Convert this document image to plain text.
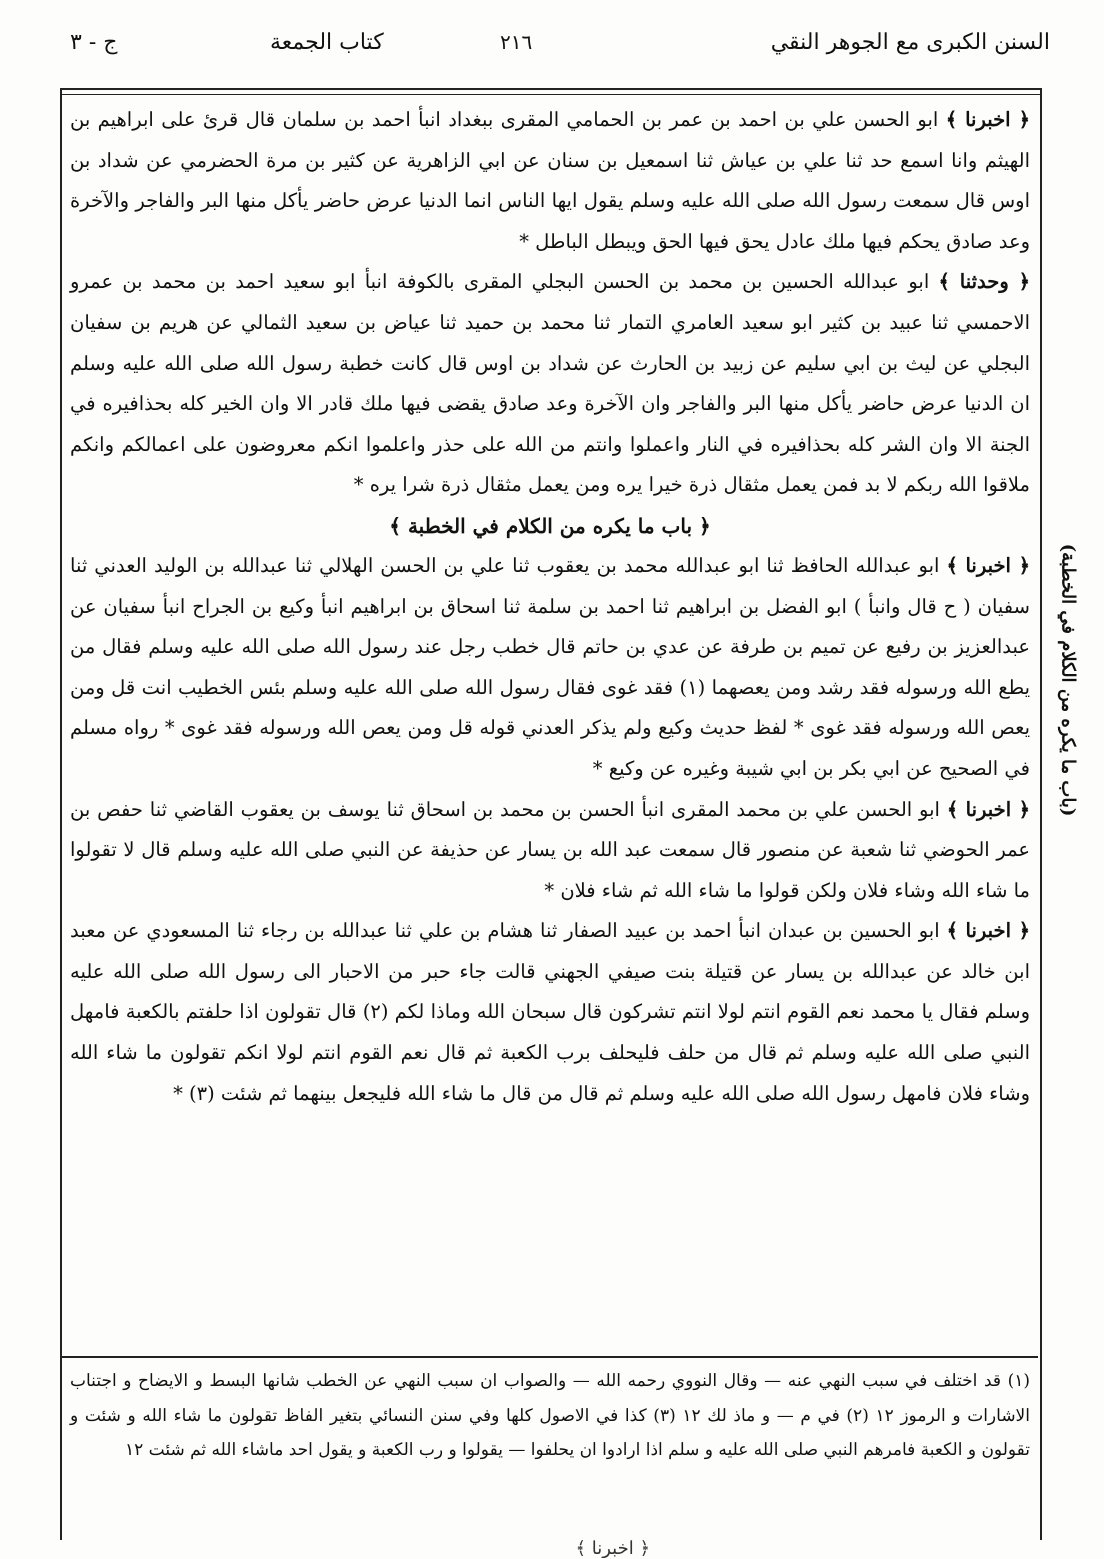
السنن الكبرى مع الجوهر النقي
٢١٦
كتاب الجمعة
ج - ٣

﴿ اخبرنا ﴾ ابو الحسن علي بن احمد بن عمر بن الحمامي المقرى ببغداد انبأ احمد بن سلمان قال قرئ على ابراهيم بن الهيثم وانا اسمع حد ثنا علي بن عياش ثنا اسمعيل بن سنان عن ابي الزاهرية عن كثير بن مرة الحضرمي عن شداد بن اوس قال سمعت رسول الله صلى الله عليه وسلم يقول ايها الناس انما الدنيا عرض حاضر يأكل منها البر والفاجر والآخرة وعد صادق يحكم فيها ملك عادل يحق فيها الحق ويبطل الباطل *

﴿ وحدثنا ﴾ ابو عبدالله الحسين بن محمد بن الحسن البجلي المقرى بالكوفة انبأ ابو سعيد احمد بن محمد بن عمرو الاحمسي ثنا عبيد بن كثير ابو سعيد العامري التمار ثنا محمد بن حميد ثنا عياض بن سعيد الثمالي عن هريم بن سفيان البجلي عن ليث بن ابي سليم عن زبيد بن الحارث عن شداد بن اوس قال كانت خطبة رسول الله صلى الله عليه وسلم ان الدنيا عرض حاضر يأكل منها البر والفاجر وان الآخرة وعد صادق يقضى فيها ملك قادر الا وان الخير كله بحذافيره في الجنة الا وان الشر كله بحذافيره في النار واعملوا وانتم من الله على حذر واعلموا انكم معروضون على اعمالكم وانكم ملاقوا الله ربكم لا بد فمن يعمل مثقال ذرة خيرا يره ومن يعمل مثقال ذرة شرا يره *

﴿ باب ما يكره من الكلام في الخطبة ﴾

﴿ اخبرنا ﴾ ابو عبدالله الحافظ ثنا ابو عبدالله محمد بن يعقوب ثنا علي بن الحسن الهلالي ثنا عبدالله بن الوليد العدني ثنا سفيان ( ح قال وانبأ ) ابو الفضل بن ابراهيم ثنا احمد بن سلمة ثنا اسحاق بن ابراهيم انبأ وكيع بن الجراح انبأ سفيان عن عبدالعزيز بن رفيع عن تميم بن طرفة عن عدي بن حاتم قال خطب رجل عند رسول الله صلى الله عليه وسلم فقال من يطع الله ورسوله فقد رشد ومن يعصهما (١) فقد غوى فقال رسول الله صلى الله عليه وسلم بئس الخطيب انت قل ومن يعص الله ورسوله فقد غوى * لفظ حديث وكيع ولم يذكر العدني قوله قل ومن يعص الله ورسوله فقد غوى * رواه مسلم في الصحيح عن ابي بكر بن ابي شيبة وغيره عن وكيع *

﴿ اخبرنا ﴾ ابو الحسن علي بن محمد المقرى انبأ الحسن بن محمد بن اسحاق ثنا يوسف بن يعقوب القاضي ثنا حفص بن عمر الحوضي ثنا شعبة عن منصور قال سمعت عبد الله بن يسار عن حذيفة عن النبي صلى الله عليه وسلم قال لا تقولوا ما شاء الله وشاء فلان ولكن قولوا ما شاء الله ثم شاء فلان *

﴿ اخبرنا ﴾ ابو الحسين بن عبدان انبأ احمد بن عبيد الصفار ثنا هشام بن علي ثنا عبدالله بن رجاء ثنا المسعودي عن معبد ابن خالد عن عبدالله بن يسار عن قتيلة بنت صيفي الجهني قالت جاء حبر من الاحبار الى رسول الله صلى الله عليه وسلم فقال يا محمد نعم القوم انتم لولا انتم تشركون قال سبحان الله وماذا لكم (٢) قال تقولون اذا حلفتم بالكعبة فامهل النبي صلى الله عليه وسلم ثم قال من حلف فليحلف برب الكعبة ثم قال نعم القوم انتم لولا انكم تقولون ما شاء الله وشاء فلان فامهل رسول الله صلى الله عليه وسلم ثم قال من قال ما شاء الله فليجعل بينهما ثم شئت (٣) *

(١) قد اختلف في سبب النهي عنه — وقال النووي رحمه الله — والصواب ان سبب النهي عن الخطب شانها البسط و الايضاح و اجتناب الاشارات و الرموز ١٢ (٢) في م — و ماذ لك ١٢ (٣) كذا في الاصول كلها وفي سنن النسائي بتغير الفاظ تقولون ما شاء الله و شئت و تقولون و الكعبة فامرهم النبي صلى الله عليه و سلم اذا ارادوا ان يحلفوا — يقولوا و رب الكعبة و يقول احد ماشاء الله ثم شئت ١٢

(باب ما يكره من الكلام في الخطبة)
﴿ اخبرنا ﴾
